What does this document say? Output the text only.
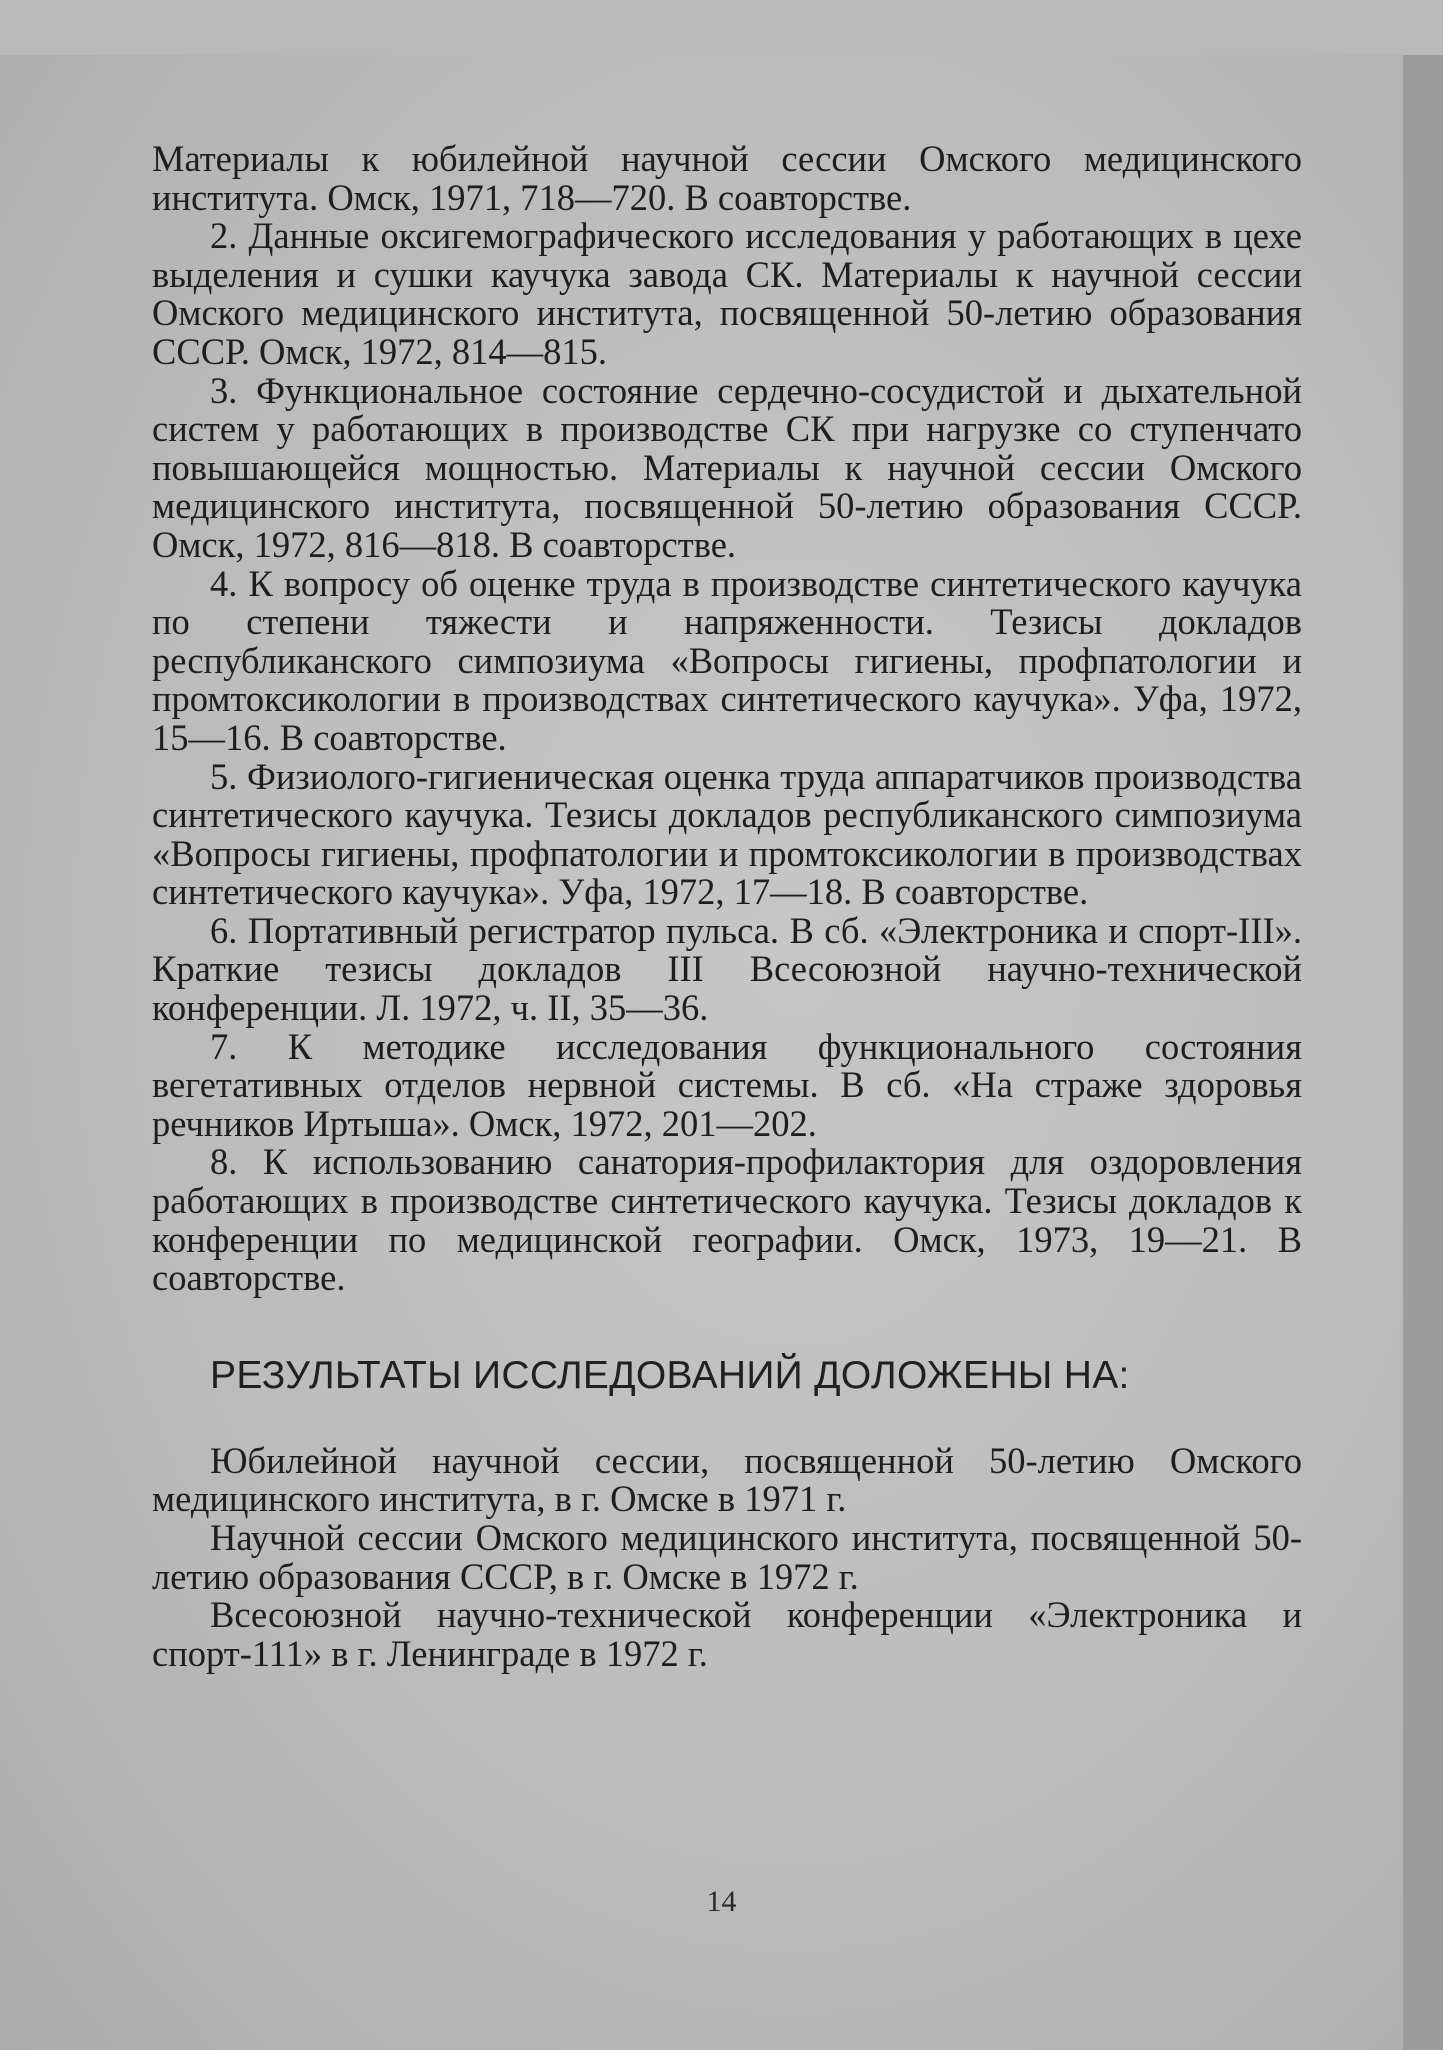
Материалы к юбилейной научной сессии Омского медицинского института. Омск, 1971, 718—720. В соавторстве.

2. Данные оксигемографического исследования у работающих в цехе выделения и сушки каучука завода СК. Материалы к научной сессии Омского медицинского института, посвященной 50-летию образования СССР. Омск, 1972, 814—815.

3. Функциональное состояние сердечно-сосудистой и дыхательной систем у работающих в производстве СК при нагрузке со ступенчато повышающейся мощностью. Материалы к научной сессии Омского медицинского института, посвященной 50-летию образования СССР. Омск, 1972, 816—818. В соавторстве.

4. К вопросу об оценке труда в производстве синтетического каучука по степени тяжести и напряженности. Тезисы докладов республиканского симпозиума «Вопросы гигиены, профпатологии и промтоксикологии в производствах синтетического каучука». Уфа, 1972, 15—16. В соавторстве.

5. Физиолого-гигиеническая оценка труда аппаратчиков производства синтетического каучука. Тезисы докладов республиканского симпозиума «Вопросы гигиены, профпатологии и промтоксикологии в производствах синтетического каучука». Уфа, 1972, 17—18. В соавторстве.

6. Портативный регистратор пульса. В сб. «Электроника и спорт-III». Краткие тезисы докладов III Всесоюзной научно-технической конференции. Л. 1972, ч. II, 35—36.

7. К методике исследования функционального состояния вегетативных отделов нервной системы. В сб. «На страже здоровья речников Иртыша». Омск, 1972, 201—202.

8. К использованию санатория-профилактория для оздоровления работающих в производстве синтетического каучука. Тезисы докладов к конференции по медицинской географии. Омск, 1973, 19—21. В соавторстве.

РЕЗУЛЬТАТЫ ИССЛЕДОВАНИЙ ДОЛОЖЕНЫ НА:

Юбилейной научной сессии, посвященной 50-летию Омского медицинского института, в г. Омске в 1971 г.

Научной сессии Омского медицинского института, посвященной 50-летию образования СССР, в г. Омске в 1972 г.

Всесоюзной научно-технической конференции «Электроника и спорт-111» в г. Ленинграде в 1972 г.

14
